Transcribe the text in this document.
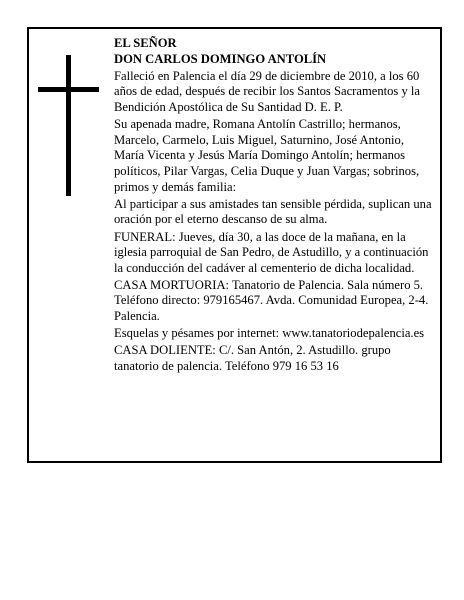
EL SEÑOR

DON CARLOS DOMINGO ANTOLÍN

Falleció en Palencia el día 29 de diciembre de 2010, a los 60 años de edad, después de recibir los Santos Sacramentos y la Bendición Apostólica de Su Santidad D. E. P.

Su apenada madre, Romana Antolín Castrillo; hermanos, Marcelo, Carmelo, Luis Miguel, Saturnino, José Antonio, María Vicenta y Jesús María Domingo Antolín; hermanos políticos, Pilar Vargas, Celia Duque y Juan Vargas; sobrinos, primos y demás familia:

Al participar a sus amistades tan sensible pérdida, suplican una oración por el eterno descanso de su alma.

FUNERAL: Jueves, día 30, a las doce de la mañana, en la iglesia parroquial de San Pedro, de Astudillo, y a continuación la conducción del cadáver al cementerio de dicha localidad.

CASA MORTUORIA: Tanatorio de Palencia. Sala número 5. Teléfono directo: 979165467. Avda. Comunidad Europea, 2-4. Palencia.

Esquelas y pésames por internet: www.tanatoriodepalencia.es

CASA DOLIENTE: C/. San Antón, 2. Astudillo. grupo tanatorio de palencia. Teléfono 979 16 53 16
